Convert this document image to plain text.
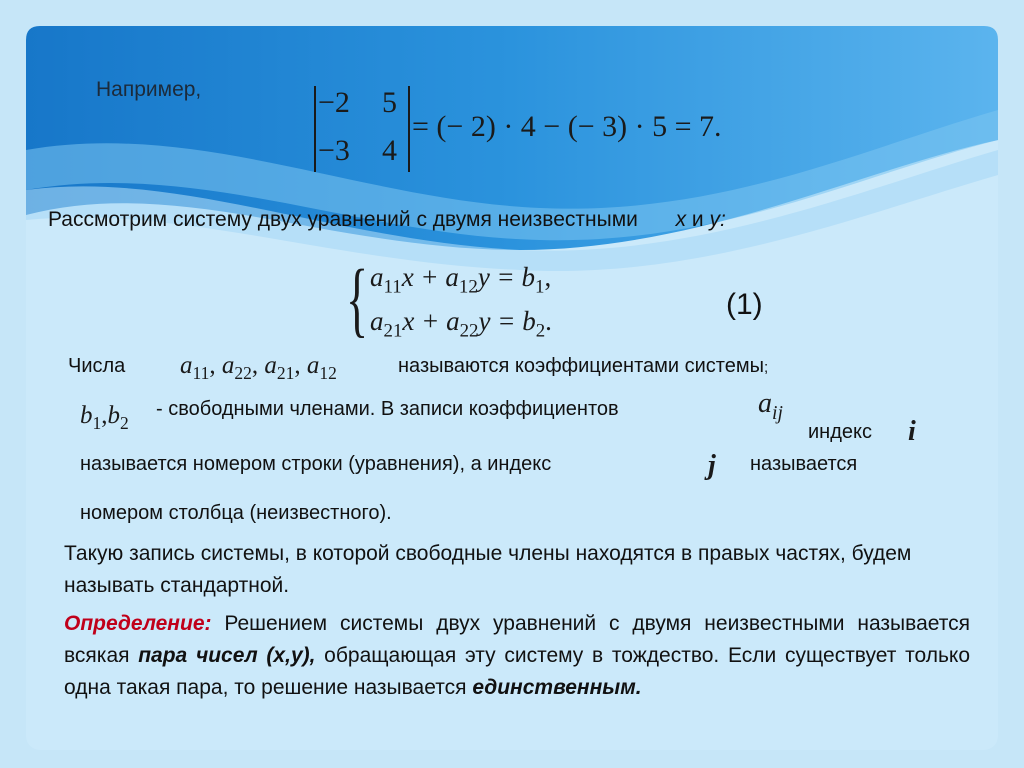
Например,	−2 5
−3 4
= (− 2) · 4 − (− 3) · 5 = 7.
Рассмотрим систему двух уравнений с двумя неизвестными x и y:
{ $a_{11}x + a_{12}y = b_1$,
$a_{21}x + a_{22}y = b_2$.	(1)
Числа $a_{11}$, $a_{22}$, $a_{21}$, $a_{12}$	называются коэффициентами системы;
$b_1,b_2$
- свободными членами. В записи коэффициентов	$a_{ij}$
индекс i
называется номером строки (уравнения), а индекс	j называется
номером столбца (неизвестного).
Такую запись системы, в которой свободные члены находятся в правых частях, будем называть стандартной.
Определение: Решением системы двух уравнений с двумя неизвестными называется всякая пара чисел (x,y), обращающая эту систему в тождество. Если существует только одна такая пара, то решение называется единственным.
